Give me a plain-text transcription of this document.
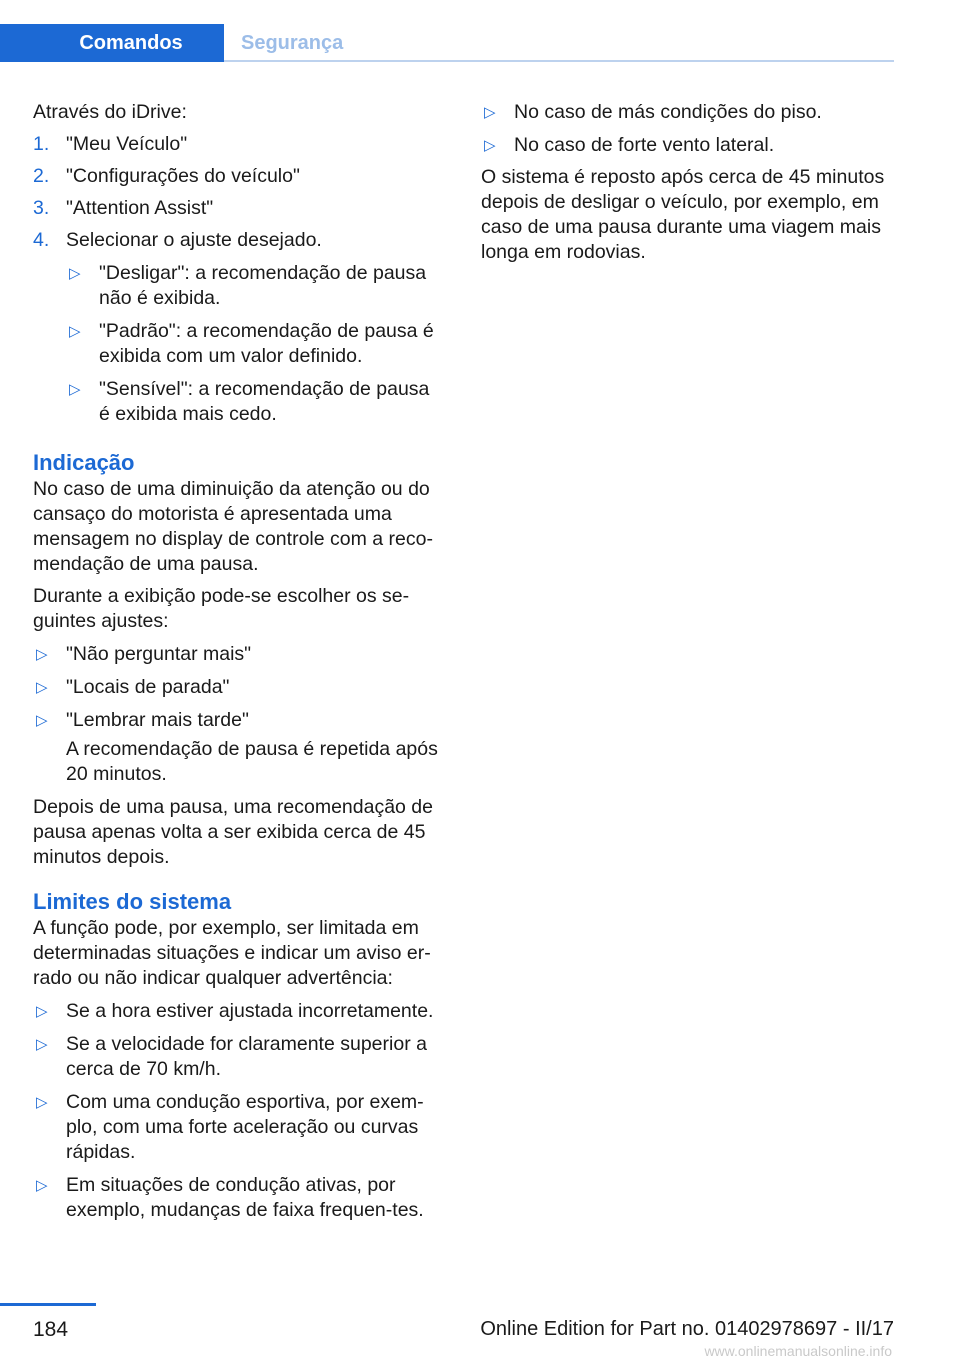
Comandos	Segurança

Através do iDrive:

1. "Meu Veículo"
2. "Configurações do veículo"
3. "Attention Assist"
4. Selecionar o ajuste desejado.
▷ "Desligar": a recomendação de pausa não é exibida.
▷ "Padrão": a recomendação de pausa é exibida com um valor definido.
▷ "Sensível": a recomendação de pausa é exibida mais cedo.
Indicação

No caso de uma diminuição da atenção ou do cansaço do motorista é apresentada uma mensagem no display de controle com a reco-mendação de uma pausa.

Durante a exibição pode-se escolher os se-guintes ajustes:

▷ "Não perguntar mais"
▷ "Locais de parada"
▷ "Lembrar mais tarde"

A recomendação de pausa é repetida após 20 minutos.

Depois de uma pausa, uma recomendação de pausa apenas volta a ser exibida cerca de 45 minutos depois.

Limites do sistema

A função pode, por exemplo, ser limitada em determinadas situações e indicar um aviso er-rado ou não indicar qualquer advertência:

▷ Se a hora estiver ajustada incorretamente.
▷ Se a velocidade for claramente superior a cerca de 70 km/h.
▷ Com uma condução esportiva, por exem-plo, com uma forte aceleração ou curvas rápidas.
▷ Em situações de condução ativas, por exemplo, mudanças de faixa frequen-tes.
▷ No caso de más condições do piso.
▷ No caso de forte vento lateral.

O sistema é reposto após cerca de 45 minutos depois de desligar o veículo, por exemplo, em caso de uma pausa durante uma viagem mais longa em rodovias.

184	Online Edition for Part no. 01402978697 - II/17
www.onlinemanualsonline.info
